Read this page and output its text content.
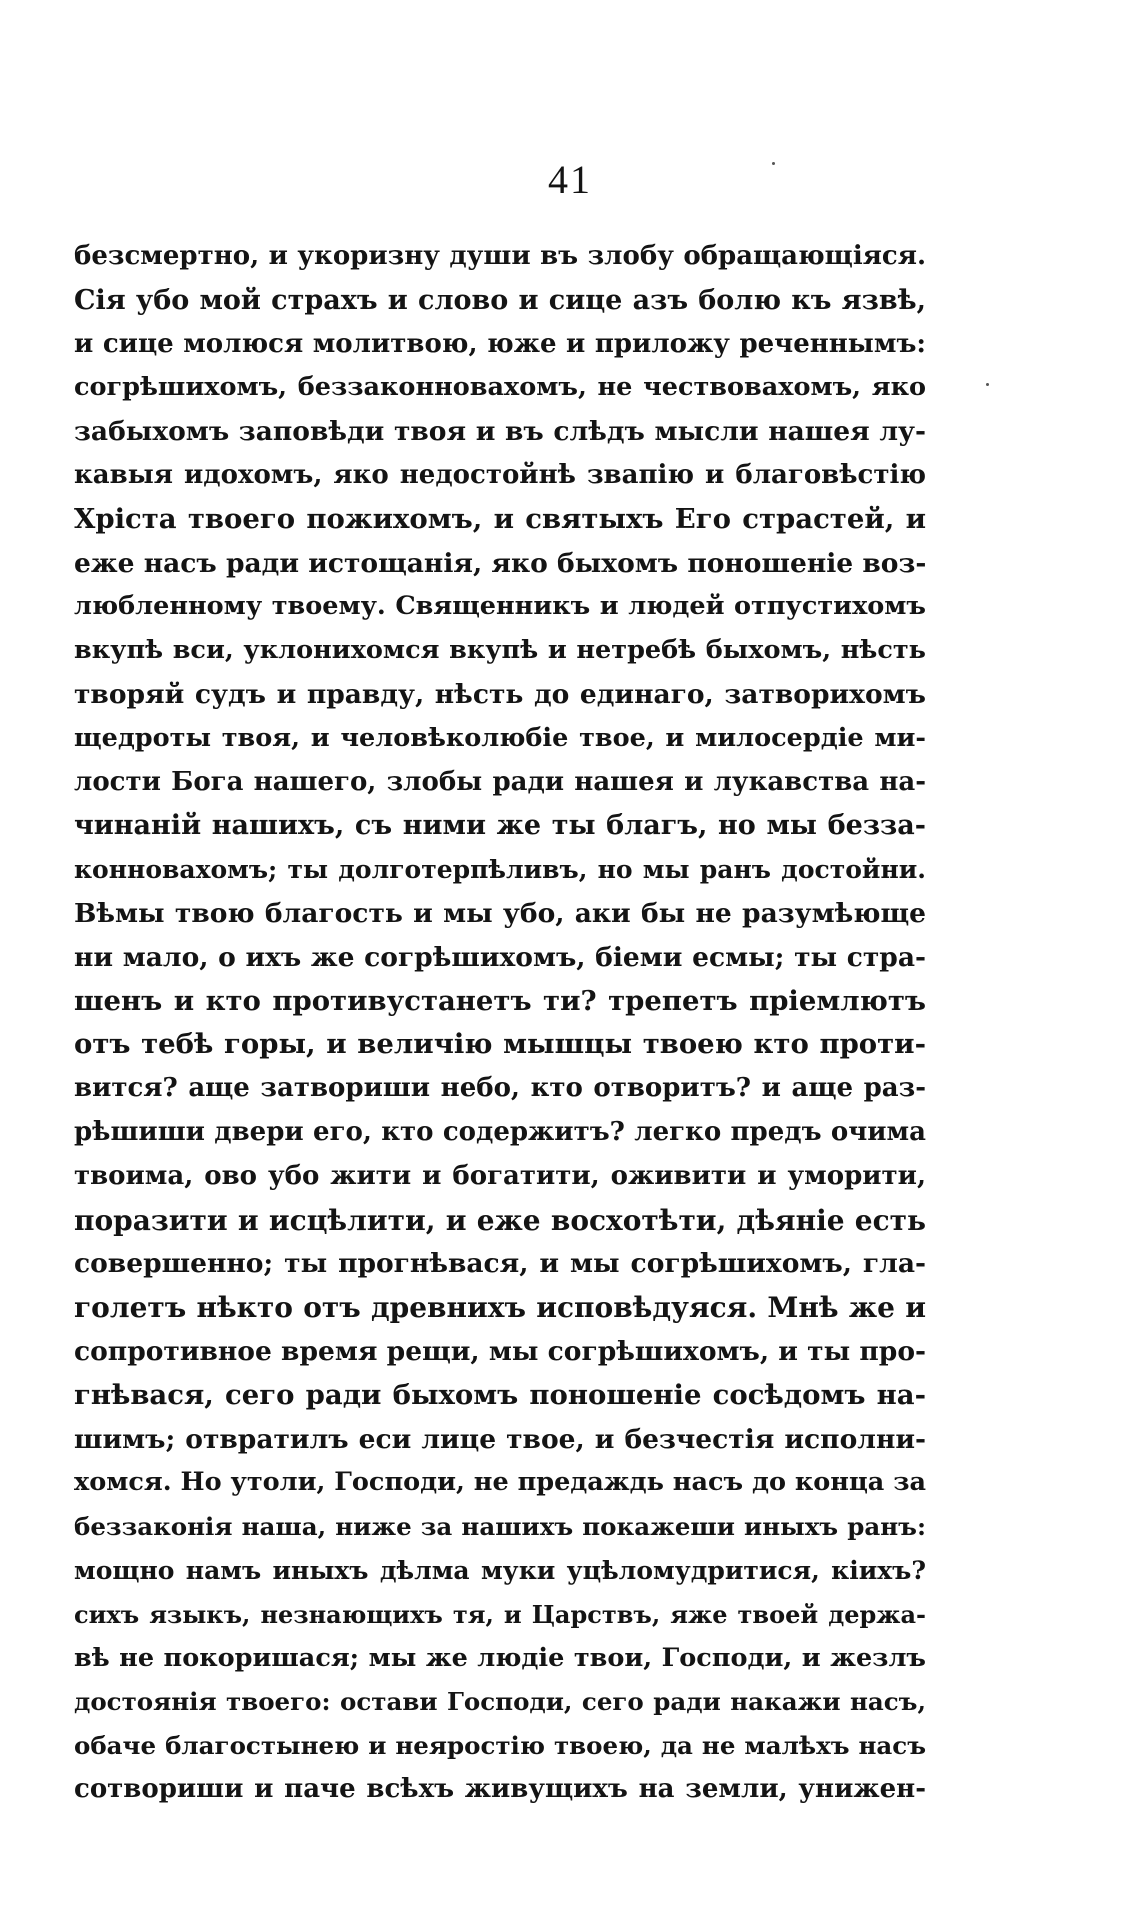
41
безсмертно, и укоризну души въ злобу обращающіяся.
Сія убо мой страхъ и слово и сице азъ болю къ язвѣ,
и сице молюся молитвою, юже и приложу реченнымъ:
согрѣшихомъ, беззаконновахомъ, не чествовахомъ, яко
забыхомъ заповѣди твоя и въ слѣдъ мысли нашея лу-
кавыя идохомъ, яко недостойнѣ звапію и благовѣстію
Хріста твоего пожихомъ, и святыхъ Его страстей, и
еже насъ ради истощанія, яко быхомъ поношеніе воз-
любленному твоему. Священникъ и людей отпустихомъ
вкупѣ вси, уклонихомся вкупѣ и нетребѣ быхомъ, нѣсть
творяй судъ и правду, нѣсть до единаго, затворихомъ
щедроты твоя, и человѣколюбіе твое, и милосердіе ми-
лости Бога нашего, злобы ради нашея и лукавства на-
чинаній нашихъ, съ ними же ты благъ, но мы безза-
конновахомъ; ты долготерпѣливъ, но мы ранъ достойни.
Вѣмы твою благость и мы убо, аки бы не разумѣюще
ни мало, о ихъ же согрѣшихомъ, біеми есмы; ты стра-
шенъ и кто противустанетъ ти? трепетъ пріемлютъ
отъ тебѣ горы, и величію мышцы твоею кто проти-
вится? аще затвориши небо, кто отворитъ? и аще раз-
рѣшиши двери его, кто содержитъ? легко предъ очима
твоима, ово убо жити и богатити, оживити и уморити,
поразити и исцѣлити, и еже восхотѣти, дѣяніе есть
совершенно; ты прогнѣвася, и мы согрѣшихомъ, гла-
голетъ нѣкто отъ древнихъ исповѣдуяся. Мнѣ же и
сопротивное время рещи, мы согрѣшихомъ, и ты про-
гнѣвася, сего ради быхомъ поношеніе сосѣдомъ на-
шимъ; отвратилъ еси лице твое, и безчестія исполни-
хомся. Но утоли, Господи, не предаждь насъ до конца за
беззаконія наша, ниже за нашихъ покажеши иныхъ ранъ:
мощно намъ иныхъ дѣлма муки уцѣломудритися, кіихъ?
сихъ языкъ, незнающихъ тя, и Царствъ, яже твоей держа-
вѣ не покоришася; мы же людіе твои, Господи, и жезлъ
достоянія твоего: остави Господи, сего ради накажи насъ,
обаче благостынею и неяростію твоею, да не малѣхъ насъ
сотвориши и паче всѣхъ живущихъ на земли, унижен-
